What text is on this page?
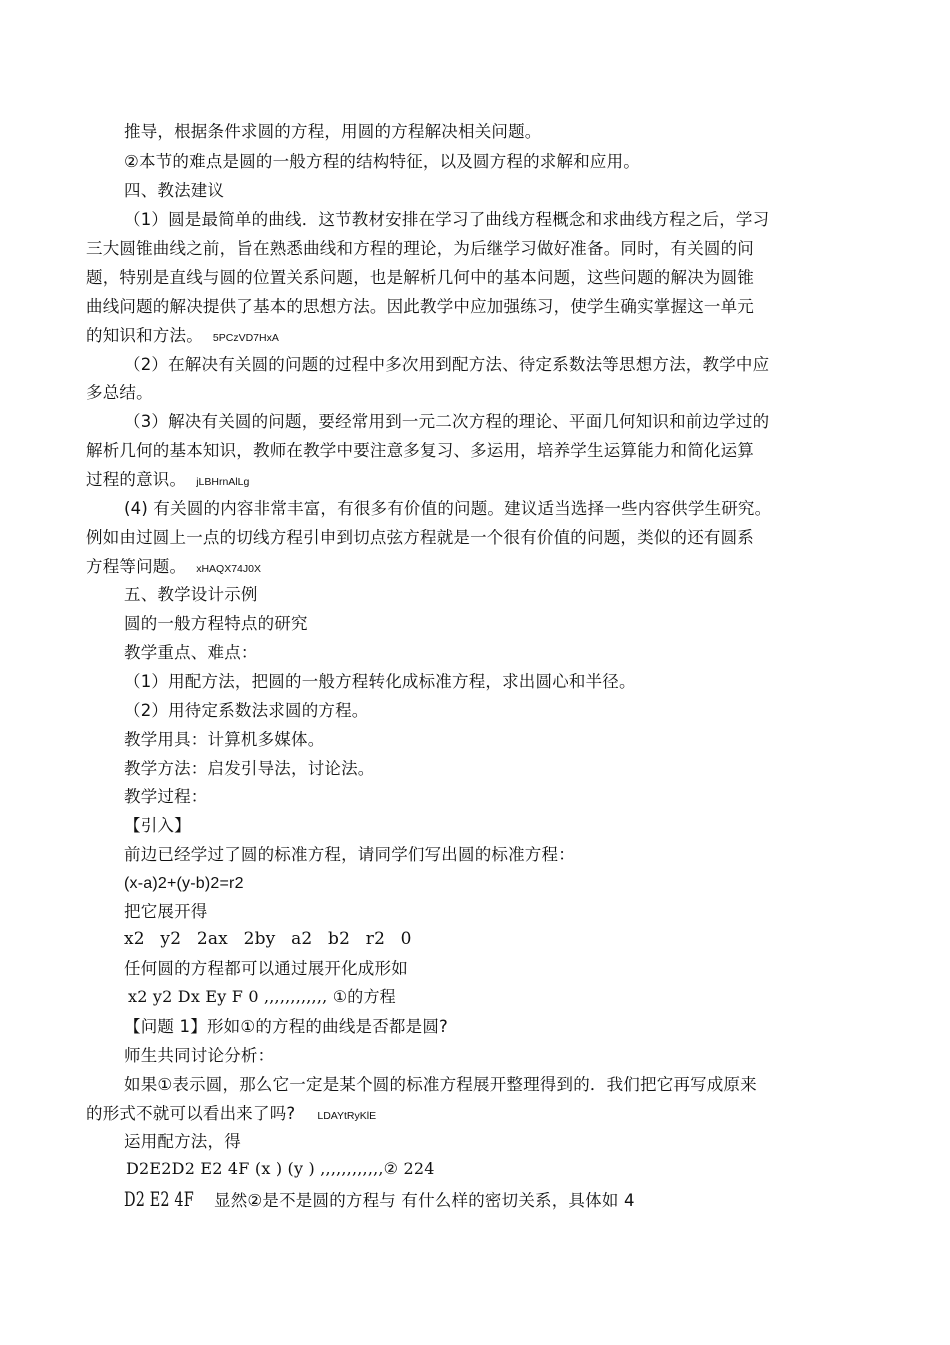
推导，根据条件求圆的方程，用圆的方程解决相关问题。
②本节的难点是圆的一般方程的结构特征，以及圆方程的求解和应用。
四、教法建议
（1）圆是最简单的曲线．这节教材安排在学习了曲线方程概念和求曲线方程之后，学习
三大圆锥曲线之前，旨在熟悉曲线和方程的理论，为后继学习做好准备。同时，有关圆的问
题，特别是直线与圆的位置关系问题，也是解析几何中的基本问题，这些问题的解决为圆锥
曲线问题的解决提供了基本的思想方法。因此教学中应加强练习，使学生确实掌握这一单元
的知识和方法。 5PCzVD7HxA
（2）在解决有关圆的问题的过程中多次用到配方法、待定系数法等思想方法，教学中应
多总结。
（3）解决有关圆的问题，要经常用到一元二次方程的理论、平面几何知识和前边学过的
解析几何的基本知识，教师在教学中要注意多复习、多运用，培养学生运算能力和简化运算
过程的意识。 jLBHrnAlLg
(4) 有关圆的内容非常丰富，有很多有价值的问题。建议适当选择一些内容供学生研究。
例如由过圆上一点的切线方程引申到切点弦方程就是一个很有价值的问题，类似的还有圆系
方程等问题。 xHAQX74J0X
五、教学设计示例
圆的一般方程特点的研究
教学重点、难点：
（1）用配方法，把圆的一般方程转化成标准方程，求出圆心和半径。
（2）用待定系数法求圆的方程。
教学用具：计算机多媒体。
教学方法：启发引导法，讨论法。
教学过程：
【引入】
前边已经学过了圆的标准方程，请同学们写出圆的标准方程：
(x-a)2+(y-b)2=r2
把它展开得
x2 y2 2ax 2by a2 b2 r2 0
任何圆的方程都可以通过展开化成形如
x2 y2 Dx Ey F 0 ,,,,,,,,,,,, ①的方程
【问题 1】形如①的方程的曲线是否都是圆?
师生共同讨论分析：
如果①表示圆，那么它一定是某个圆的标准方程展开整理得到的．我们把它再写成原来
的形式不就可以看出来了吗? LDAYtRyKlE
运用配方法，得
D2E2D2 E2 4F (x ) (y ) ,,,,,,,,,,,,② 224
D2 E2 4F 显然②是不是圆的方程与 有什么样的密切关系，具体如 4
